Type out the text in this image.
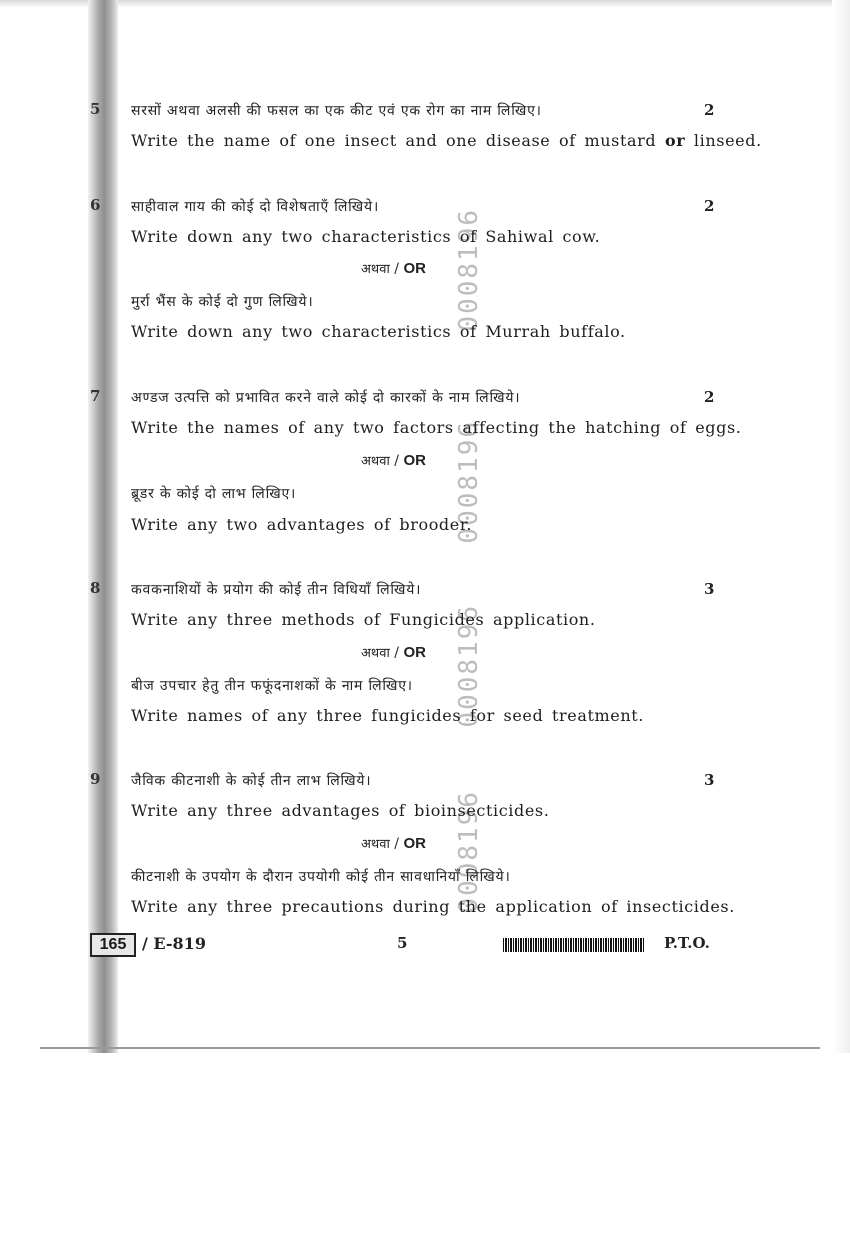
0008196
0008196
0008196
0008196
5 सरसों अथवा अलसी की फसल का एक कीट एवं एक रोग का नाम लिखिए।	2
Write the name of one insect and one disease of mustard or linseed.
6 साहीवाल गाय की कोई दो विशेषताएँ लिखिये।	2
Write down any two characteristics of Sahiwal cow.
अथवा / OR
मुर्रा भैंस के कोई दो गुण लिखिये।
Write down any two characteristics of Murrah buffalo.
7 अण्डज उत्पत्ति को प्रभावित करने वाले कोई दो कारकों के नाम लिखिये।	2
Write the names of any two factors affecting the hatching of eggs.
अथवा / OR
ब्रूडर के कोई दो लाभ लिखिए।
Write any two advantages of brooder.
8 कवकनाशियों के प्रयोग की कोई तीन विधियाँ लिखिये।	3
Write any three methods of Fungicides application.
अथवा / OR
बीज उपचार हेतु तीन फफूंदनाशकों के नाम लिखिए।
Write names of any three fungicides for seed treatment.
9 जैविक कीटनाशी के कोई तीन लाभ लिखिये।	3
Write any three advantages of bioinsecticides.
अथवा / OR
कीटनाशी के उपयोग के दौरान उपयोगी कोई तीन सावधानियाँ लिखिये।
Write any three precautions during the application of insecticides.
165 / E-819	5	P.T.O.
